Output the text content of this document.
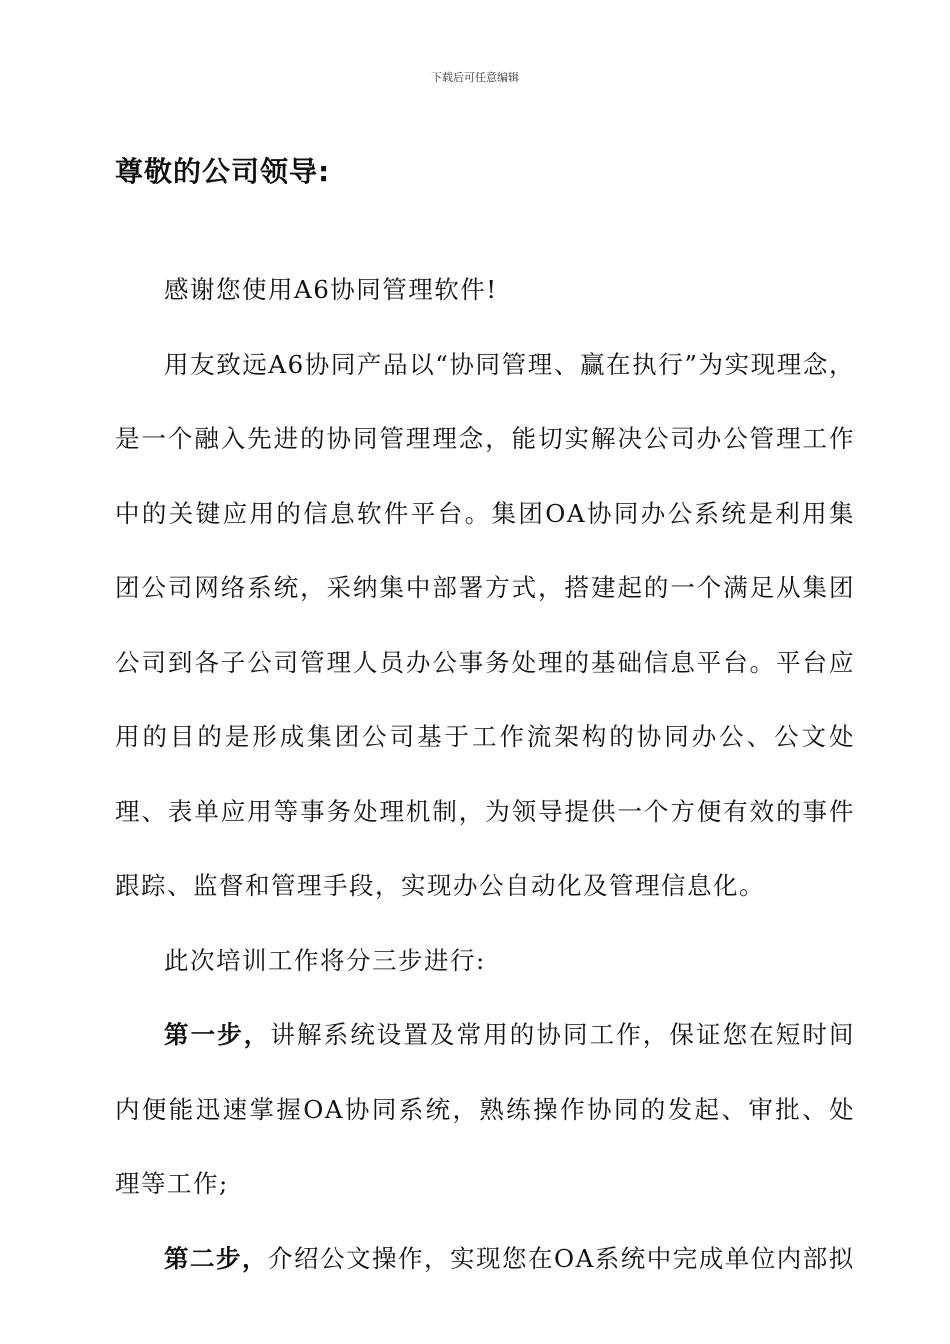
下载后可任意编辑
尊敬的公司领导:

感谢您使用A6协同管理软件!

用友致远A6协同产品以“协同管理、赢在执行”为实现理念，是一个融入先进的协同管理理念，能切实解决公司办公管理工作中的关键应用的信息软件平台。集团OA协同办公系统是利用集团公司网络系统，采纳集中部署方式，搭建起的一个满足从集团公司到各子公司管理人员办公事务处理的基础信息平台。平台应用的目的是形成集团公司基于工作流架构的协同办公、公文处理、表单应用等事务处理机制，为领导提供一个方便有效的事件跟踪、监督和管理手段，实现办公自动化及管理信息化。

此次培训工作将分三步进行:

第一步，讲解系统设置及常用的协同工作，保证您在短时间内便能迅速掌握OA协同系统，熟练操作协同的发起、审批、处理等工作;

第二步，介绍公文操作，实现您在OA系统中完成单位内部拟
